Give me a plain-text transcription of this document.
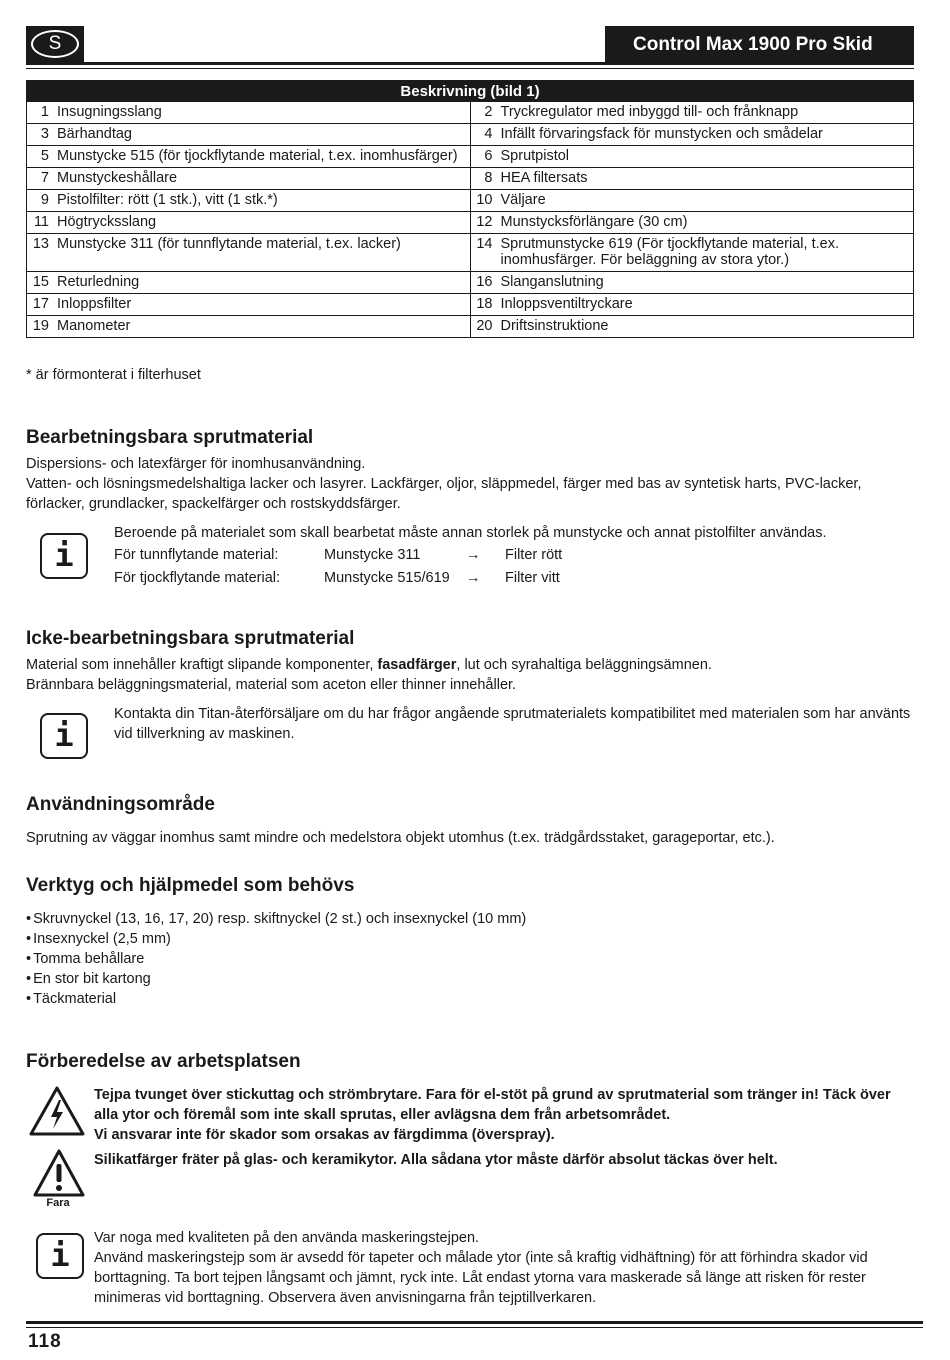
S	Control Max 1900 Pro Skid
Beskrivning (bild 1)	

1 Insugningsslang	2 Tryckregulator med inbyggd till- och frånknapp

3 Bärhandtag	4 Infällt förvaringsfack för munstycken och smådelar

5 Munstycke 515 (för tjockflytande material, t.ex. inomhusfärger)	6 Sprutpistol

7 Munstyckeshållare	8 HEA filtersats

9 Pistolfilter: rött (1 stk.), vitt (1 stk.*)	10 Väljare

11 Högtrycksslang	12 Munstycksförlängare (30 cm)

13 Munstycke 311 (för tunnflytande material, t.ex. lacker)	14 Sprutmunstycke 619 (För tjockflytande material, t.ex. inomhusfärger. För beläggning av stora ytor.)

15 Returledning	16 Slanganslutning

17 Inloppsfilter	18 Inloppsventiltryckare

19 Manometer	20 Driftsinstruktione
* är förmonterat i filterhuset
Bearbetningsbara sprutmaterial
Dispersions- och latexfärger för inomhusanvändning.
Vatten- och lösningsmedelshaltiga lacker och lasyrer. Lackfärger, oljor, släppmedel, färger med bas av syntetisk harts, PVC-lacker, förlacker, grundlacker, spackelfärger och rostskyddsfärger.
i
Beroende på materialet som skall bearbetat måste annan storlek på munstycke och annat pistolfilter användas.
För tunnflytande material:	Munstycke 311	→ Filter rött
För tjockflytande material:	Munstycke 515/619 → Filter vitt
Icke-bearbetningsbara sprutmaterial
Material som innehåller kraftigt slipande komponenter, fasadfärger, lut och syrahaltiga beläggningsämnen.
Brännbara beläggningsmaterial, material som aceton eller thinner innehåller.
i
Kontakta din Titan-återförsäljare om du har frågor angående sprutmaterialets kompatibilitet med materialen som har använts vid tillverkning av maskinen.
Användningsområde
Sprutning av väggar inomhus samt mindre och medelstora objekt utomhus (t.ex. trädgårdsstaket, garageportar, etc.).
Verktyg och hjälpmedel som behövs
• Skruvnyckel (13, 16, 17, 20) resp. skiftnyckel (2 st.) och insexnyckel (10 mm)
• Insexnyckel (2,5 mm)
• Tomma behållare
• En stor bit kartong
• Täckmaterial
Förberedelse av arbetsplatsen
Tejpa tvunget över stickuttag och strömbrytare. Fara för el-stöt på grund av sprutmaterial som tränger in! Täck över alla ytor och föremål som inte skall sprutas, eller avlägsna dem från arbetsområdet.
Vi ansvarar inte för skador som orsakas av färgdimma (överspray).
Fara
Silikatfärger fräter på glas- och keramikytor. Alla sådana ytor måste därför absolut täckas över helt.
i	Var noga med kvaliteten på den använda maskeringstejpen.
Använd maskeringstejp som är avsedd för tapeter och målade ytor (inte så kraftig vidhäftning) för att förhindra skador vid borttagning. Ta bort tejpen långsamt och jämnt, ryck inte. Låt endast ytorna vara maskerade så länge att risken för rester minimeras vid borttagning. Observera även anvisningarna från tejptillverkaren.
118
